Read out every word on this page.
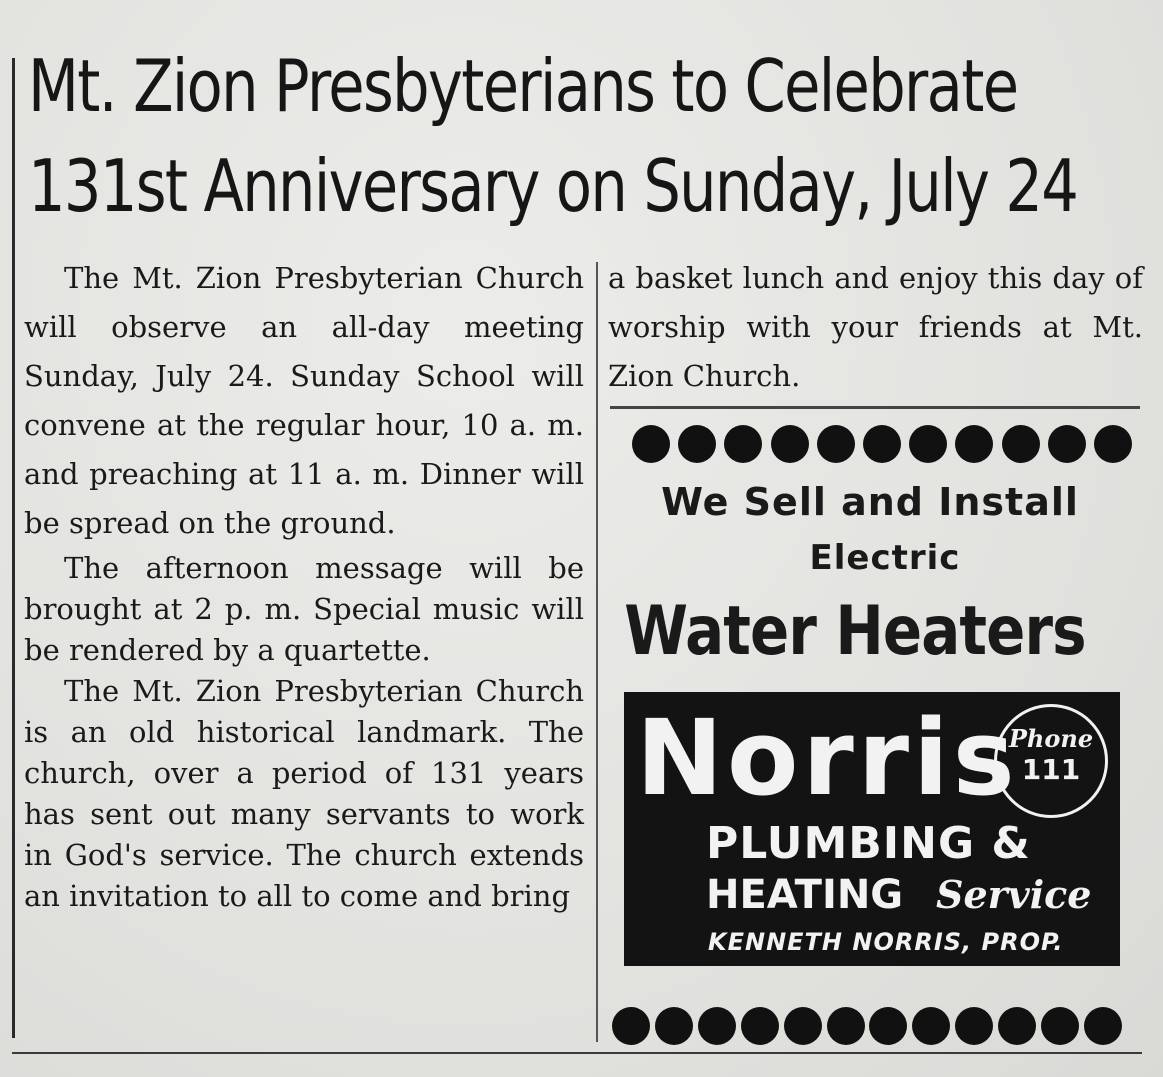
Mt. Zion Presbyterians to Celebrate
131st Anniversary on Sunday, July 24

The Mt. Zion Presbyterian Church will observe an all-day meeting Sunday, July 24. Sunday School will convene at the regular hour, 10 a. m. and preaching at 11 a. m. Dinner will be spread on the ground.

The afternoon message will be brought at 2 p. m. Special music will be rendered by a quartette.

The Mt. Zion Presbyterian Church is an old historical landmark. The church, over a period of 131 years has sent out many servants to work in God's service. The church extends an invitation to all to come and bring

a basket lunch and enjoy this day of worship with your friends at Mt. Zion Church.

We Sell and Install
Electric
Water Heaters
Norris
Phone
111
PLUMBING &
HEATING Service
KENNETH NORRIS, PROP.
